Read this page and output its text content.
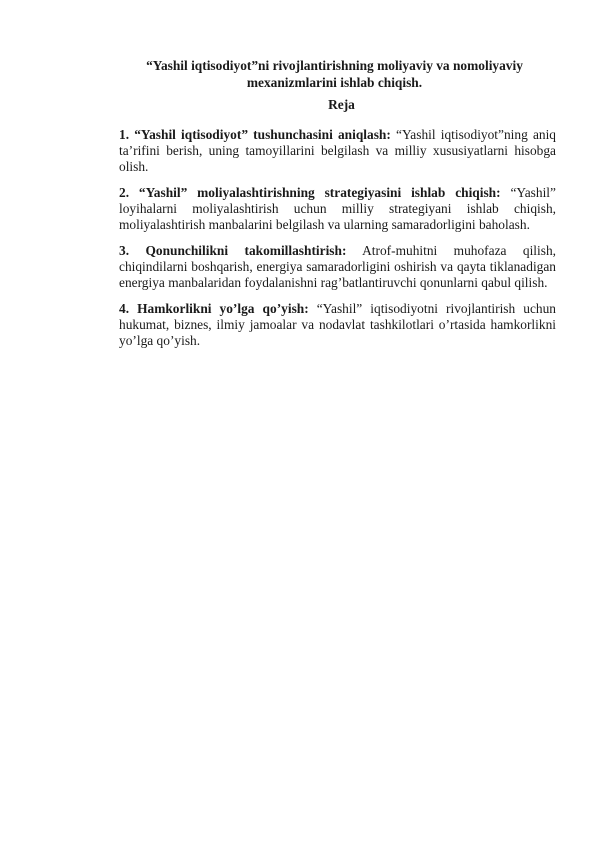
“Yashil iqtisodiyot”ni rivojlantirishning moliyaviy va nomoliyaviy mexanizmlarini ishlab chiqish.

Reja

1. “Yashil iqtisodiyot” tushunchasini aniqlash: “Yashil iqtisodiyot”ning aniq ta’rifini berish, uning tamoyillarini belgilash va milliy xususiyatlarni hisobga olish.

2. “Yashil” moliyalashtirishning strategiyasini ishlab chiqish: “Yashil” loyihalarni moliyalashtirish uchun milliy strategiyani ishlab chiqish, moliyalashtirish manbalarini belgilash va ularning samaradorligini baholash.

3. Qonunchilikni takomillashtirish: Atrof-muhitni muhofaza qilish, chiqindilarni boshqarish, energiya samaradorligini oshirish va qayta tiklanadigan energiya manbalaridan foydalanishni rag’batlantiruvchi qonunlarni qabul qilish.

4. Hamkorlikni yo’lga qo’yish: “Yashil” iqtisodiyotni rivojlantirish uchun hukumat, biznes, ilmiy jamoalar va nodavlat tashkilotlari o’rtasida hamkorlikni yo’lga qo’yish.
